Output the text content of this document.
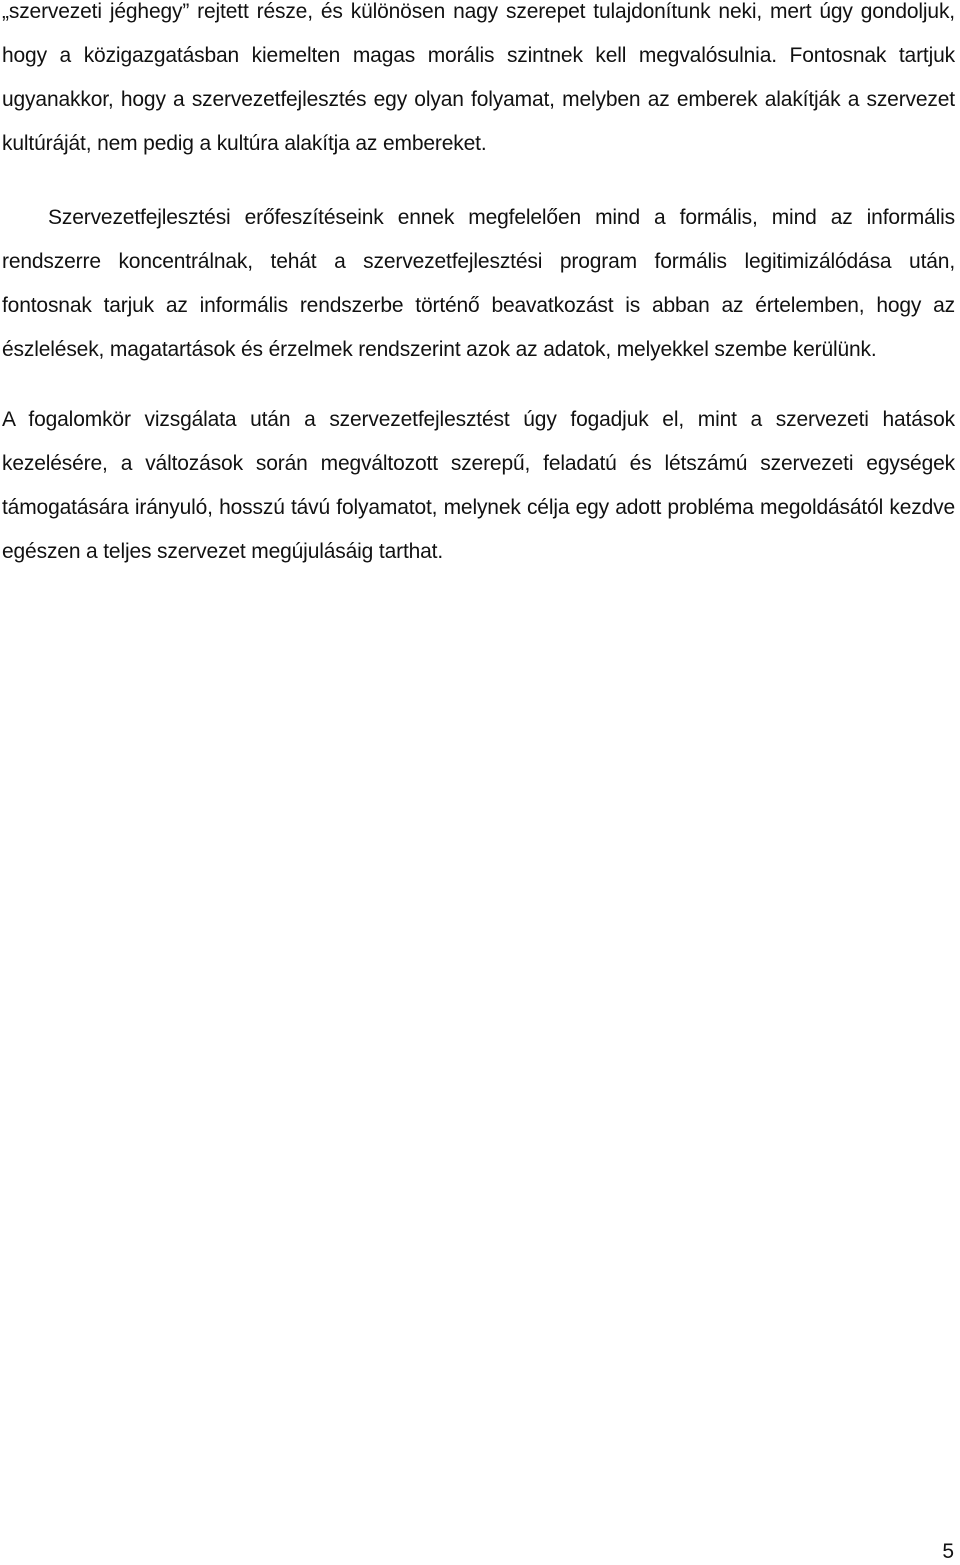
„szervezeti jéghegy” rejtett része, és különösen nagy szerepet tulajdonítunk neki, mert úgy gondoljuk, hogy a közigazgatásban kiemelten magas morális szintnek kell megvalósulnia. Fontosnak tartjuk ugyanakkor, hogy a szervezetfejlesztés egy olyan folyamat, melyben az emberek alakítják a szervezet kultúráját, nem pedig a kultúra alakítja az embereket.

Szervezetfejlesztési erőfeszítéseink ennek megfelelően mind a formális, mind az informális rendszerre koncentrálnak, tehát a szervezetfejlesztési program formális legitimizálódása után, fontosnak tarjuk az informális rendszerbe történő beavatkozást is abban az értelemben, hogy az észlelések, magatartások és érzelmek rendszerint azok az adatok, melyekkel szembe kerülünk.

A fogalomkör vizsgálata után a szervezetfejlesztést úgy fogadjuk el, mint a szervezeti hatások kezelésére, a változások során megváltozott szerepű, feladatú és létszámú szervezeti egységek támogatására irányuló, hosszú távú folyamatot, melynek célja egy adott probléma megoldásától kezdve egészen a teljes szervezet megújulásáig tarthat.

5
